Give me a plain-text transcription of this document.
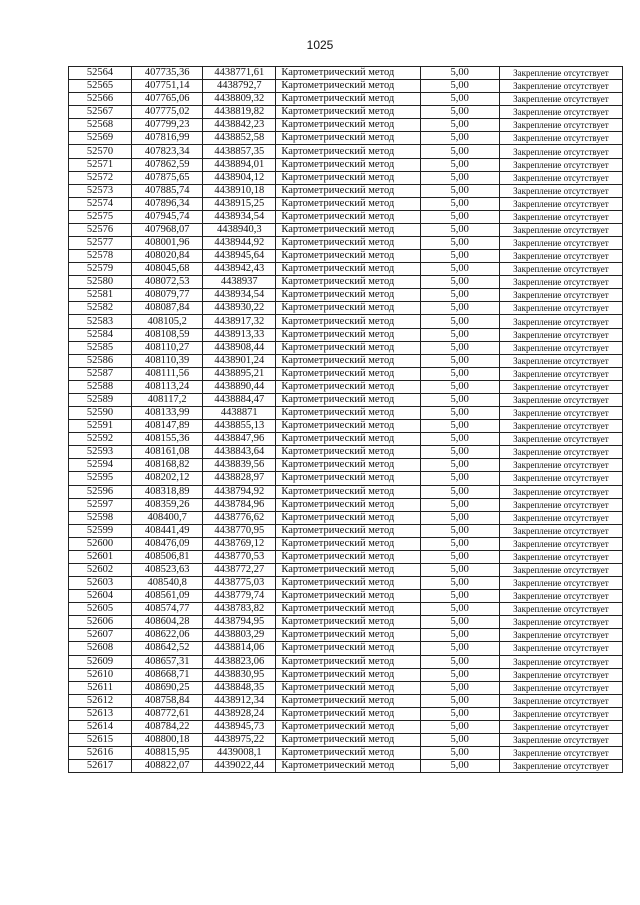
1025
52564	407735,36	4438771,61	Картометрический метод	5,00	Закрепление отсутствует
52565	407751,14	4438792,7	Картометрический метод	5,00	Закрепление отсутствует
52566	407765,06	4438809,32	Картометрический метод	5,00	Закрепление отсутствует
52567	407775,02	4438819,82	Картометрический метод	5,00	Закрепление отсутствует
52568	407799,23	4438842,23	Картометрический метод	5,00	Закрепление отсутствует
52569	407816,99	4438852,58	Картометрический метод	5,00	Закрепление отсутствует
52570	407823,34	4438857,35	Картометрический метод	5,00	Закрепление отсутствует
52571	407862,59	4438894,01	Картометрический метод	5,00	Закрепление отсутствует
52572	407875,65	4438904,12	Картометрический метод	5,00	Закрепление отсутствует
52573	407885,74	4438910,18	Картометрический метод	5,00	Закрепление отсутствует
52574	407896,34	4438915,25	Картометрический метод	5,00	Закрепление отсутствует
52575	407945,74	4438934,54	Картометрический метод	5,00	Закрепление отсутствует
52576	407968,07	4438940,3	Картометрический метод	5,00	Закрепление отсутствует
52577	408001,96	4438944,92	Картометрический метод	5,00	Закрепление отсутствует
52578	408020,84	4438945,64	Картометрический метод	5,00	Закрепление отсутствует
52579	408045,68	4438942,43	Картометрический метод	5,00	Закрепление отсутствует
52580	408072,53	4438937	Картометрический метод	5,00	Закрепление отсутствует
52581	408079,77	4438934,54	Картометрический метод	5,00	Закрепление отсутствует
52582	408087,84	4438930,22	Картометрический метод	5,00	Закрепление отсутствует
52583	408105,2	4438917,32	Картометрический метод	5,00	Закрепление отсутствует
52584	408108,59	4438913,33	Картометрический метод	5,00	Закрепление отсутствует
52585	408110,27	4438908,44	Картометрический метод	5,00	Закрепление отсутствует
52586	408110,39	4438901,24	Картометрический метод	5,00	Закрепление отсутствует
52587	408111,56	4438895,21	Картометрический метод	5,00	Закрепление отсутствует
52588	408113,24	4438890,44	Картометрический метод	5,00	Закрепление отсутствует
52589	408117,2	4438884,47	Картометрический метод	5,00	Закрепление отсутствует
52590	408133,99	4438871	Картометрический метод	5,00	Закрепление отсутствует
52591	408147,89	4438855,13	Картометрический метод	5,00	Закрепление отсутствует
52592	408155,36	4438847,96	Картометрический метод	5,00	Закрепление отсутствует
52593	408161,08	4438843,64	Картометрический метод	5,00	Закрепление отсутствует
52594	408168,82	4438839,56	Картометрический метод	5,00	Закрепление отсутствует
52595	408202,12	4438828,97	Картометрический метод	5,00	Закрепление отсутствует
52596	408318,89	4438794,92	Картометрический метод	5,00	Закрепление отсутствует
52597	408359,26	4438784,96	Картометрический метод	5,00	Закрепление отсутствует
52598	408400,7	4438776,62	Картометрический метод	5,00	Закрепление отсутствует
52599	408441,49	4438770,95	Картометрический метод	5,00	Закрепление отсутствует
52600	408476,09	4438769,12	Картометрический метод	5,00	Закрепление отсутствует
52601	408506,81	4438770,53	Картометрический метод	5,00	Закрепление отсутствует
52602	408523,63	4438772,27	Картометрический метод	5,00	Закрепление отсутствует
52603	408540,8	4438775,03	Картометрический метод	5,00	Закрепление отсутствует
52604	408561,09	4438779,74	Картометрический метод	5,00	Закрепление отсутствует
52605	408574,77	4438783,82	Картометрический метод	5,00	Закрепление отсутствует
52606	408604,28	4438794,95	Картометрический метод	5,00	Закрепление отсутствует
52607	408622,06	4438803,29	Картометрический метод	5,00	Закрепление отсутствует
52608	408642,52	4438814,06	Картометрический метод	5,00	Закрепление отсутствует
52609	408657,31	4438823,06	Картометрический метод	5,00	Закрепление отсутствует
52610	408668,71	4438830,95	Картометрический метод	5,00	Закрепление отсутствует
52611	408690,25	4438848,35	Картометрический метод	5,00	Закрепление отсутствует
52612	408758,84	4438912,34	Картометрический метод	5,00	Закрепление отсутствует
52613	408772,61	4438928,24	Картометрический метод	5,00	Закрепление отсутствует
52614	408784,22	4438945,73	Картометрический метод	5,00	Закрепление отсутствует
52615	408800,18	4438975,22	Картометрический метод	5,00	Закрепление отсутствует
52616	408815,95	4439008,1	Картометрический метод	5,00	Закрепление отсутствует
52617	408822,07	4439022,44	Картометрический метод	5,00	Закрепление отсутствует
